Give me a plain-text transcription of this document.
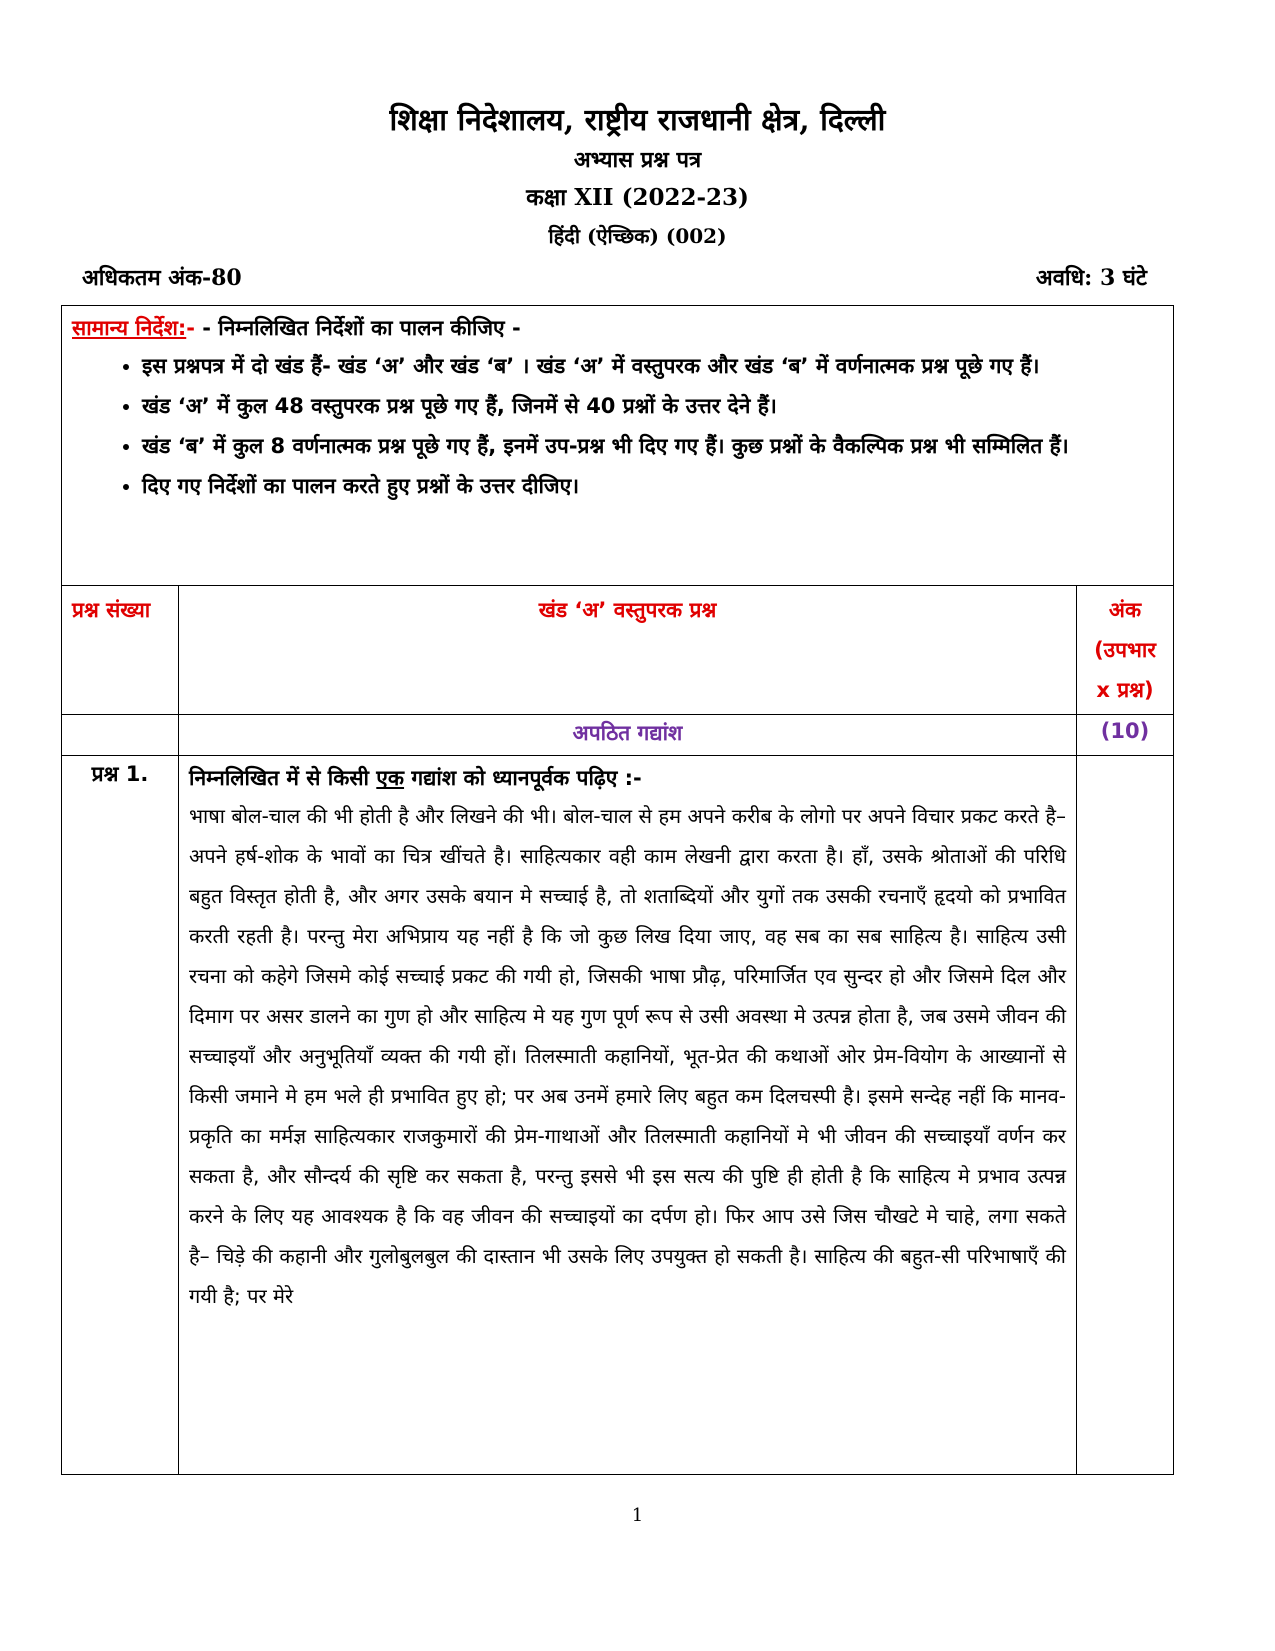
शिक्षा निदेशालय, राष्ट्रीय राजधानी क्षेत्र, दिल्ली
अभ्यास प्रश्न पत्र
कक्षा XII (2022-23)
हिंदी (ऐच्छिक) (002)
अधिकतम अंक-80	अवधि: 3 घंटे
सामान्य निर्देश:- - निम्नलिखित निर्देशों का पालन कीजिए -
• इस प्रश्नपत्र में दो खंड हैं- खंड ‘अ’ और खंड ‘ब’ । खंड ‘अ’ में वस्तुपरक और खंड ‘ब’ में वर्णनात्मक प्रश्न पूछे गए हैं।
• खंड ‘अ’ में कुल 48 वस्तुपरक प्रश्न पूछे गए हैं, जिनमें से 40 प्रश्नों के उत्तर देने हैं।
• खंड ‘ब’ में कुल 8 वर्णनात्मक प्रश्न पूछे गए हैं, इनमें उप-प्रश्न भी दिए गए हैं। कुछ प्रश्नों के वैकल्पिक प्रश्न भी सम्मिलित हैं।
• दिए गए निर्देशों का पालन करते हुए प्रश्नों के उत्तर दीजिए।
प्रश्न संख्या	खंड ‘अ’ वस्तुपरक प्रश्न	अंक (उपभार x प्रश्न)
	अपठित गद्यांश	(10)
प्रश्न 1.	निम्नलिखित में से किसी एक गद्यांश को ध्यानपूर्वक पढ़िए :-

भाषा बोल-चाल की भी होती है और लिखने की भी। बोल-चाल से हम अपने करीब के लोगो पर अपने विचार प्रकट करते है– अपने हर्ष-शोक के भावों का चित्र खींचते है। साहित्यकार वही काम लेखनी द्वारा करता है। हाँ, उसके श्रोताओं की परिधि बहुत विस्तृत होती है, और अगर उसके बयान मे सच्चाई है, तो शताब्दियों और युगों तक उसकी रचनाएँ हृदयो को प्रभावित करती रहती है। परन्तु मेरा अभिप्राय यह नहीं है कि जो कुछ लिख दिया जाए, वह सब का सब साहित्य है। साहित्य उसी रचना को कहेगे जिसमे कोई सच्चाई प्रकट की गयी हो, जिसकी भाषा प्रौढ़, परिमार्जित एव सुन्दर हो और जिसमे दिल और दिमाग पर असर डालने का गुण हो और साहित्य मे यह गुण पूर्ण रूप से उसी अवस्था मे उत्पन्न होता है, जब उसमे जीवन की सच्चाइयाँ और अनुभूतियाँ व्यक्त की गयी हों। तिलस्माती कहानियों, भूत-प्रेत की कथाओं ओर प्रेम-वियोग के आख्यानों से किसी जमाने मे हम भले ही प्रभावित हुए हो; पर अब उनमें हमारे लिए बहुत कम दिलचस्पी है। इसमे सन्देह नहीं कि मानव-प्रकृति का मर्मज्ञ साहित्यकार राजकुमारों की प्रेम-गाथाओं और तिलस्माती कहानियों मे भी जीवन की सच्चाइयाँ वर्णन कर सकता है, और सौन्दर्य की सृष्टि कर सकता है, परन्तु इससे भी इस सत्य की पुष्टि ही होती है कि साहित्य मे प्रभाव उत्पन्न करने के लिए यह आवश्यक है कि वह जीवन की सच्चाइयों का दर्पण हो। फिर आप उसे जिस चौखटे मे चाहे, लगा सकते है– चिड़े की कहानी और गुलोबुलबुल की दास्तान भी उसके लिए उपयुक्त हो सकती है। साहित्य की बहुत-सी परिभाषाएँ की गयी है; पर मेरे	

1
